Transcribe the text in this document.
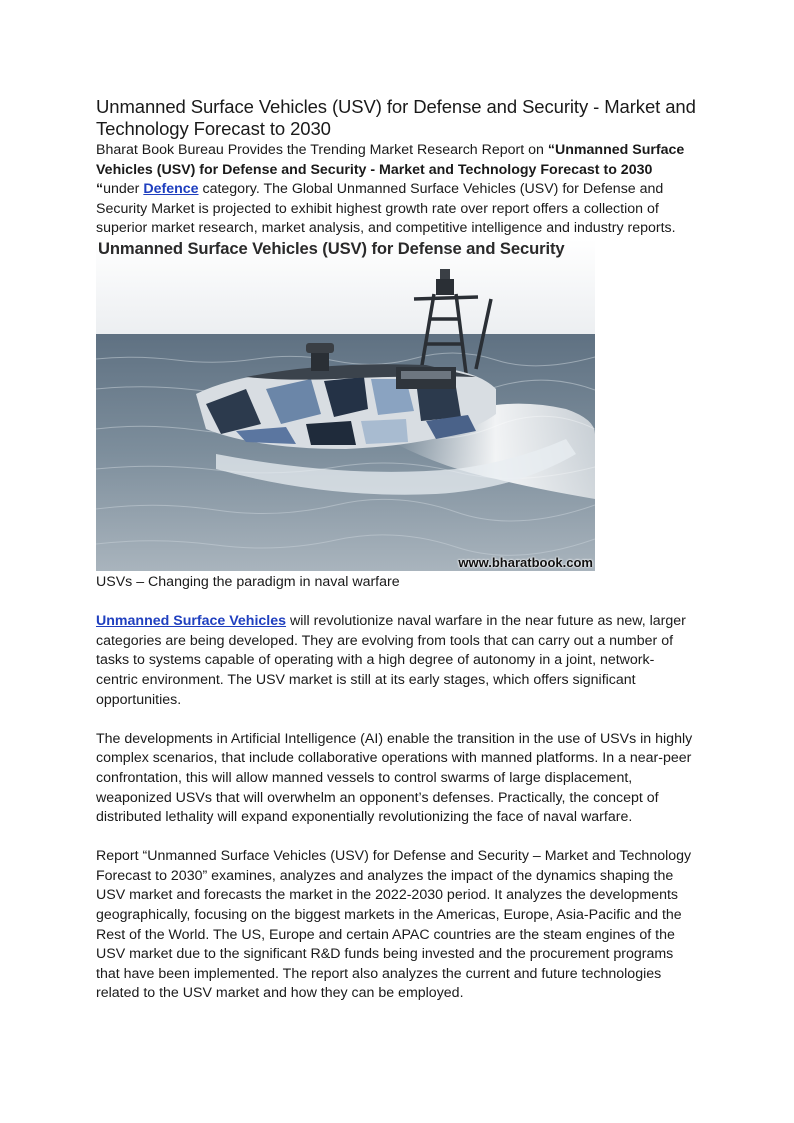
Unmanned Surface Vehicles (USV) for Defense and Security - Market and Technology Forecast to 2030

Bharat Book Bureau Provides the Trending Market Research Report on “Unmanned Surface Vehicles (USV) for Defense and Security - Market and Technology Forecast to 2030 “under Defence category. The Global Unmanned Surface Vehicles (USV) for Defense and Security Market is projected to exhibit highest growth rate over report offers a collection of superior market research, market analysis, and competitive intelligence and industry reports.

Unmanned Surface Vehicles (USV) for Defense and Security
www.bharatbook.com

USVs – Changing the paradigm in naval warfare

Unmanned Surface Vehicles will revolutionize naval warfare in the near future as new, larger categories are being developed. They are evolving from tools that can carry out a number of tasks to systems capable of operating with a high degree of autonomy in a joint, network-centric environment. The USV market is still at its early stages, which offers significant opportunities.

The developments in Artificial Intelligence (AI) enable the transition in the use of USVs in highly complex scenarios, that include collaborative operations with manned platforms. In a near-peer confrontation, this will allow manned vessels to control swarms of large displacement, weaponized USVs that will overwhelm an opponent’s defenses. Practically, the concept of distributed lethality will expand exponentially revolutionizing the face of naval warfare.

Report “Unmanned Surface Vehicles (USV) for Defense and Security – Market and Technology Forecast to 2030” examines, analyzes and analyzes the impact of the dynamics shaping the USV market and forecasts the market in the 2022-2030 period. It analyzes the developments geographically, focusing on the biggest markets in the Americas, Europe, Asia-Pacific and the Rest of the World. The US, Europe and certain APAC countries are the steam engines of the USV market due to the significant R&D funds being invested and the procurement programs that have been implemented. The report also analyzes the current and future technologies related to the USV market and how they can be employed.
